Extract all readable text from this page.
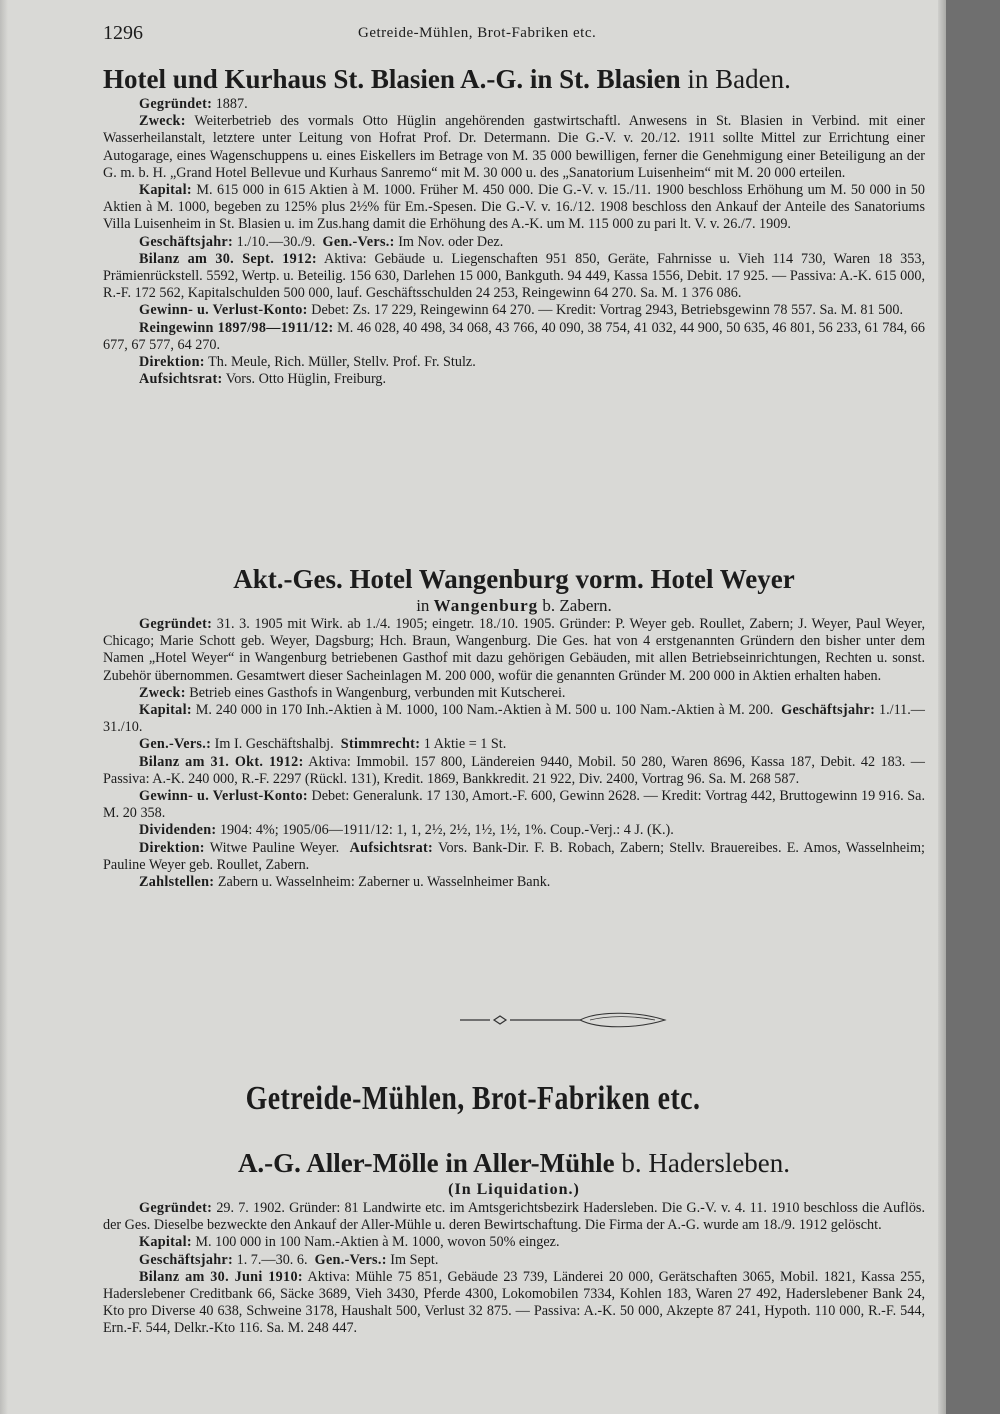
1296	Getreide-Mühlen, Brot-Fabriken etc.
Hotel und Kurhaus St. Blasien A.-G. in St. Blasien in Baden.

Gegründet: 1887.

Zweck: Weiterbetrieb des vormals Otto Hüglin angehörenden gastwirtschaftl. Anwesens in St. Blasien in Verbind. mit einer Wasserheilanstalt, letztere unter Leitung von Hofrat Prof. Dr. Determann. Die G.-V. v. 20./12. 1911 sollte Mittel zur Errichtung einer Autogarage, eines Wagenschuppens u. eines Eiskellers im Betrage von M. 35 000 bewilligen, ferner die Genehmigung einer Beteiligung an der G. m. b. H. „Grand Hotel Bellevue und Kurhaus Sanremo“ mit M. 30 000 u. des „Sanatorium Luisenheim“ mit M. 20 000 erteilen.

Kapital: M. 615 000 in 615 Aktien à M. 1000. Früher M. 450 000. Die G.-V. v. 15./11. 1900 beschloss Erhöhung um M. 50 000 in 50 Aktien à M. 1000, begeben zu 125% plus 2½% für Em.-Spesen. Die G.-V. v. 16./12. 1908 beschloss den Ankauf der Anteile des Sanatoriums Villa Luisenheim in St. Blasien u. im Zus.hang damit die Erhöhung des A.-K. um M. 115 000 zu pari lt. V. v. 26./7. 1909.

Geschäftsjahr: 1./10.—30./9. Gen.-Vers.: Im Nov. oder Dez.

Bilanz am 30. Sept. 1912: Aktiva: Gebäude u. Liegenschaften 951 850, Geräte, Fahrnisse u. Vieh 114 730, Waren 18 353, Prämienrückstell. 5592, Wertp. u. Beteilig. 156 630, Darlehen 15 000, Bankguth. 94 449, Kassa 1556, Debit. 17 925. — Passiva: A.-K. 615 000, R.-F. 172 562, Kapitalschulden 500 000, lauf. Geschäftsschulden 24 253, Reingewinn 64 270. Sa. M. 1 376 086.

Gewinn- u. Verlust-Konto: Debet: Zs. 17 229, Reingewinn 64 270. — Kredit: Vortrag 2943, Betriebsgewinn 78 557. Sa. M. 81 500.

Reingewinn 1897/98—1911/12: M. 46 028, 40 498, 34 068, 43 766, 40 090, 38 754, 41 032, 44 900, 50 635, 46 801, 56 233, 61 784, 66 677, 67 577, 64 270.

Direktion: Th. Meule, Rich. Müller, Stellv. Prof. Fr. Stulz.

Aufsichtsrat: Vors. Otto Hüglin, Freiburg.

Akt.-Ges. Hotel Wangenburg vorm. Hotel Weyer

in Wangenburg b. Zabern.

Gegründet: 31. 3. 1905 mit Wirk. ab 1./4. 1905; eingetr. 18./10. 1905. Gründer: P. Weyer geb. Roullet, Zabern; J. Weyer, Paul Weyer, Chicago; Marie Schott geb. Weyer, Dagsburg; Hch. Braun, Wangenburg. Die Ges. hat von 4 erstgenannten Gründern den bisher unter dem Namen „Hotel Weyer“ in Wangenburg betriebenen Gasthof mit dazu gehörigen Gebäuden, mit allen Betriebseinrichtungen, Rechten u. sonst. Zubehör übernommen. Gesamtwert dieser Sacheinlagen M. 200 000, wofür die genannten Gründer M. 200 000 in Aktien erhalten haben.

Zweck: Betrieb eines Gasthofs in Wangenburg, verbunden mit Kutscherei.

Kapital: M. 240 000 in 170 Inh.-Aktien à M. 1000, 100 Nam.-Aktien à M. 500 u. 100 Nam.-Aktien à M. 200. Geschäftsjahr: 1./11.—31./10.

Gen.-Vers.: Im I. Geschäftshalbj. Stimmrecht: 1 Aktie = 1 St.

Bilanz am 31. Okt. 1912: Aktiva: Immobil. 157 800, Ländereien 9440, Mobil. 50 280, Waren 8696, Kassa 187, Debit. 42 183. — Passiva: A.-K. 240 000, R.-F. 2297 (Rückl. 131), Kredit. 1869, Bankkredit. 21 922, Div. 2400, Vortrag 96. Sa. M. 268 587.

Gewinn- u. Verlust-Konto: Debet: Generalunk. 17 130, Amort.-F. 600, Gewinn 2628. — Kredit: Vortrag 442, Bruttogewinn 19 916. Sa. M. 20 358.

Dividenden: 1904: 4%; 1905/06—1911/12: 1, 1, 2½, 2½, 1½, 1½, 1%. Coup.-Verj.: 4 J. (K.).

Direktion: Witwe Pauline Weyer. Aufsichtsrat: Vors. Bank-Dir. F. B. Robach, Zabern; Stellv. Brauereibes. E. Amos, Wasselnheim; Pauline Weyer geb. Roullet, Zabern.

Zahlstellen: Zabern u. Wasselnheim: Zaberner u. Wasselnheimer Bank.

Getreide-Mühlen, Brot-Fabriken etc.
A.-G. Aller-Mölle in Aller-Mühle b. Hadersleben.

(In Liquidation.)

Gegründet: 29. 7. 1902. Gründer: 81 Landwirte etc. im Amtsgerichtsbezirk Hadersleben. Die G.-V. v. 4. 11. 1910 beschloss die Auflös. der Ges. Dieselbe bezweckte den Ankauf der Aller-Mühle u. deren Bewirtschaftung. Die Firma der A.-G. wurde am 18./9. 1912 gelöscht.

Kapital: M. 100 000 in 100 Nam.-Aktien à M. 1000, wovon 50% eingez.

Geschäftsjahr: 1. 7.—30. 6. Gen.-Vers.: Im Sept.

Bilanz am 30. Juni 1910: Aktiva: Mühle 75 851, Gebäude 23 739, Länderei 20 000, Gerätschaften 3065, Mobil. 1821, Kassa 255, Haderslebener Creditbank 66, Säcke 3689, Vieh 3430, Pferde 4300, Lokomobilen 7334, Kohlen 183, Waren 27 492, Haderslebener Bank 24, Kto pro Diverse 40 638, Schweine 3178, Haushalt 500, Verlust 32 875. — Passiva: A.-K. 50 000, Akzepte 87 241, Hypoth. 110 000, R.-F. 544, Ern.-F. 544, Delkr.-Kto 116. Sa. M. 248 447.
